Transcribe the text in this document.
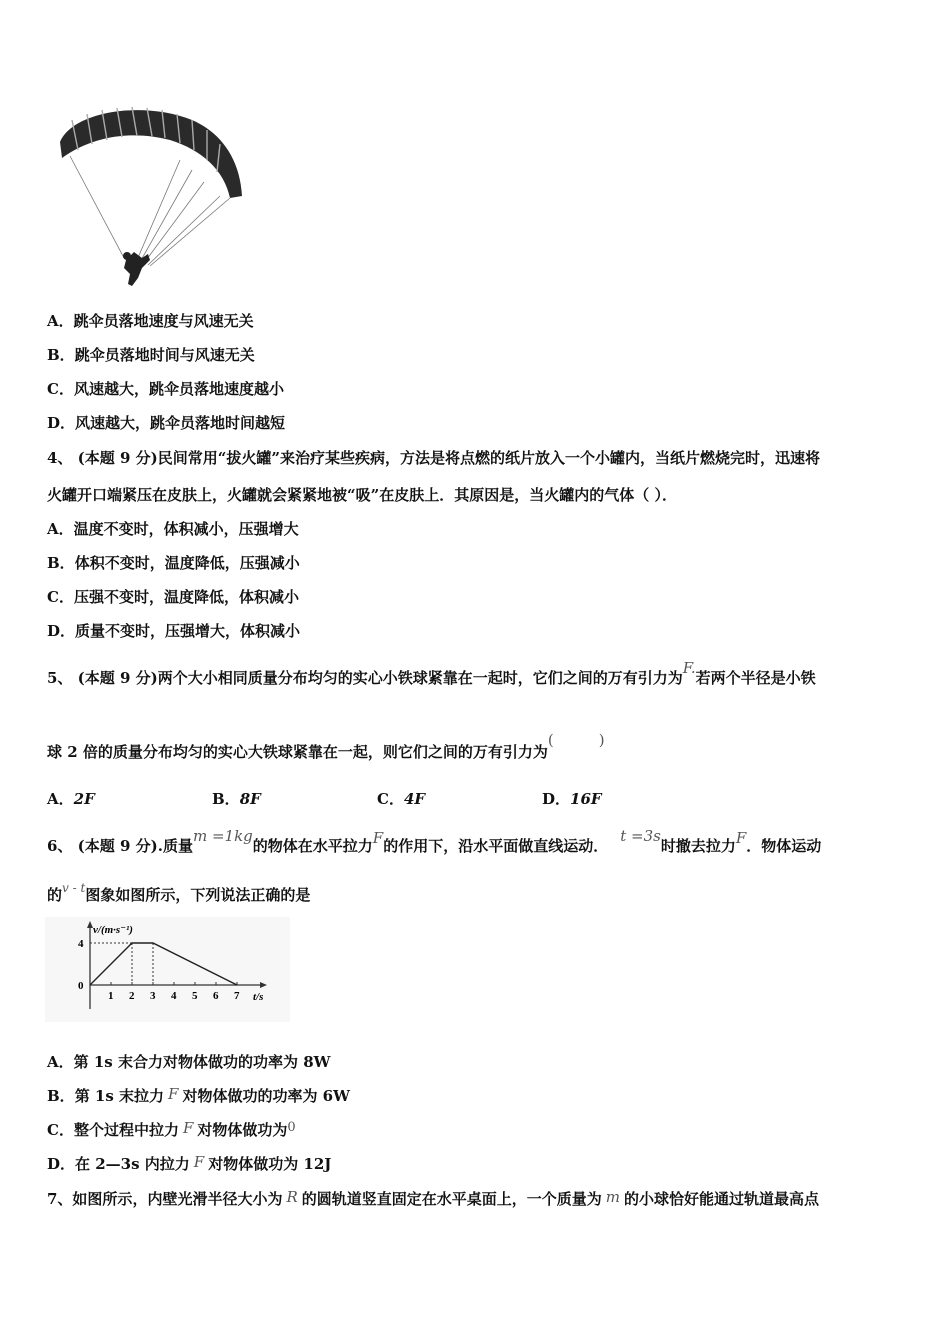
A．跳伞员落地速度与风速无关
B．跳伞员落地时间与风速无关
C．风速越大，跳伞员落地速度越小
D．风速越大，跳伞员落地时间越短
4、 (本题 9 分)民间常用“拔火罐”来治疗某些疾病，方法是将点燃的纸片放入一个小罐内，当纸片燃烧完时，迅速将
火罐开口端紧压在皮肤上，火罐就会紧紧地被“吸”在皮肤上．其原因是，当火罐内的气体（ ）．
A．温度不变时，体积减小，压强增大
B．体积不变时，温度降低，压强减小
C．压强不变时，温度降低，体积减小
D．质量不变时，压强增大，体积减小
5、 (本题 9 分)两个大小相同质量分布均匀的实心小铁球紧靠在一起时，它们之间的万有引力为F.若两个半径是小铁
球 2 倍的质量分布均匀的实心大铁球紧靠在一起，则它们之间的万有引力为(　　　)
A．2F	B．8F	C．4F	D．16F
6、 (本题 9 分).质量m =1kg的物体在水平拉力F的作用下，沿水平面做直线运动．t =3s时撤去拉力F．物体运动
的$^{v - t}$图象如图所示，下列说法正确的是
v/(m·s⁻¹)
t/s
1 2 3 4 5 6 7
0
4
A．第 1s 末合力对物体做功的功率为 8W
B．第 1s 末拉力 F 对物体做功的功率为 6W
C．整个过程中拉力 F 对物体做功为0
D．在 2—3s 内拉力 F 对物体做功为 12J
7、如图所示，内壁光滑半径大小为 R 的圆轨道竖直固定在水平桌面上，一个质量为 m 的小球恰好能通过轨道最高点
